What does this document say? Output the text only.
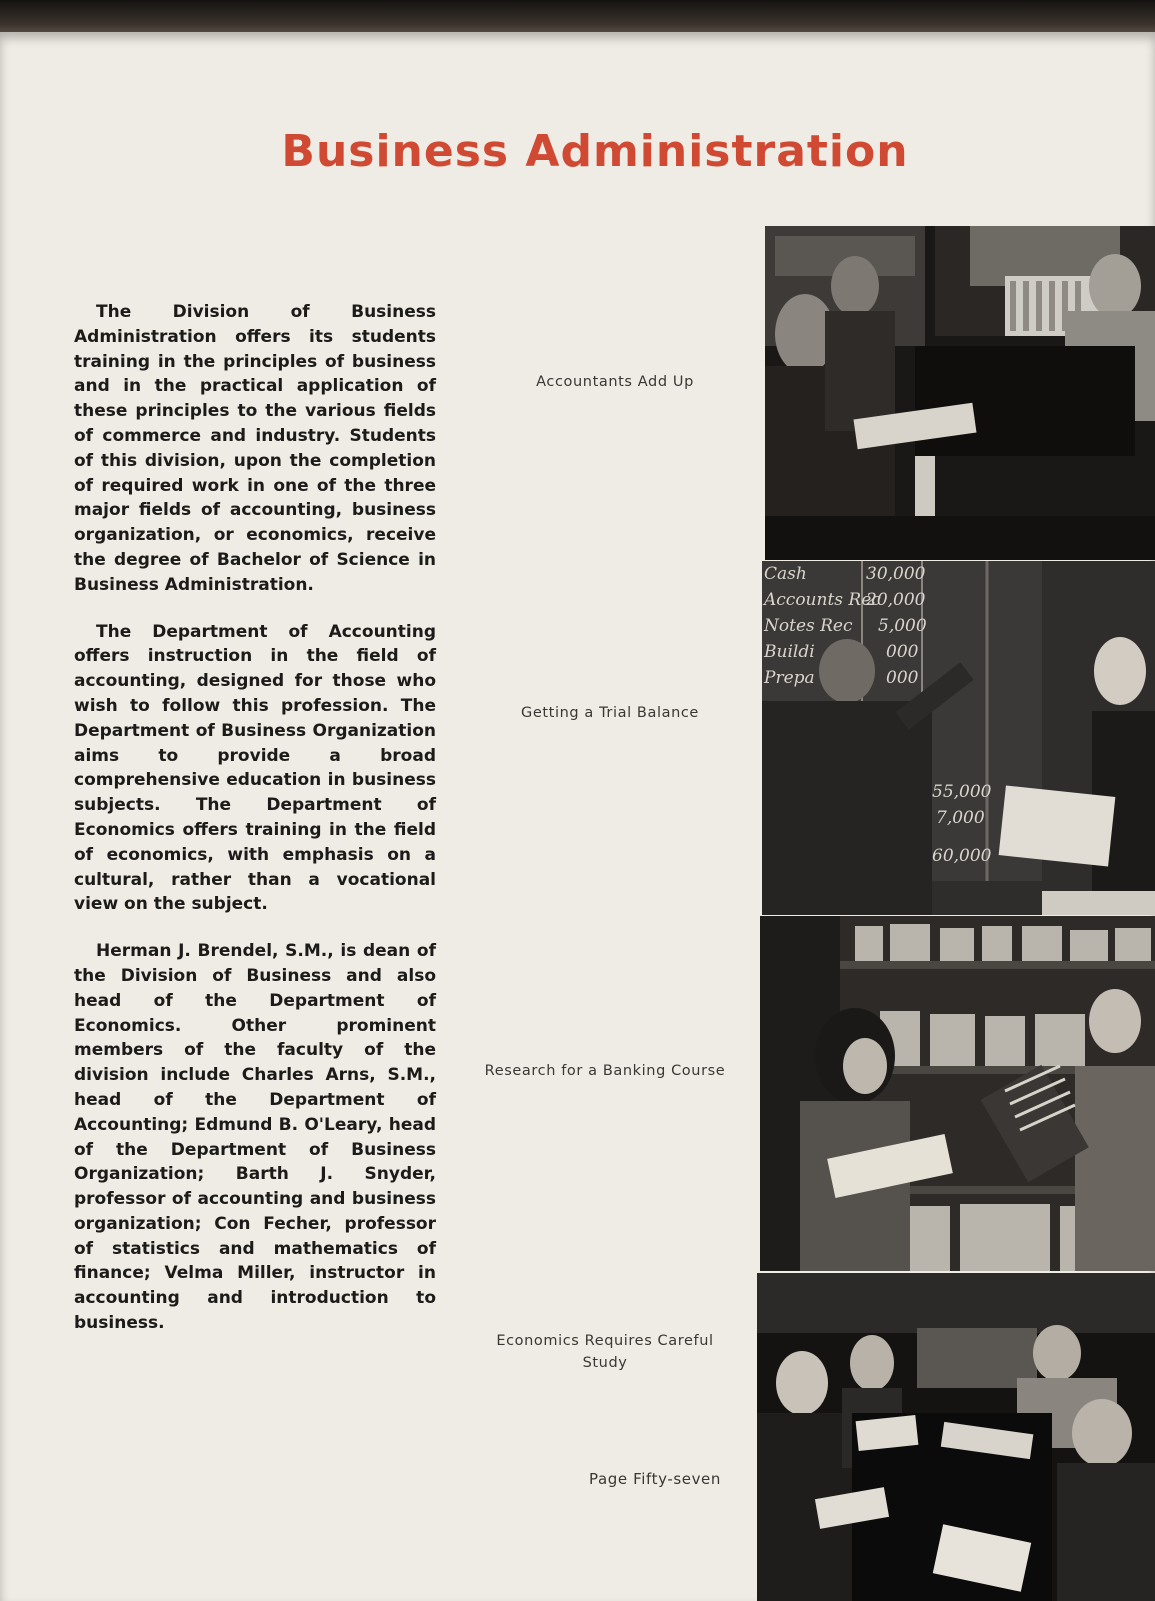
Business Administration

The Division of Business Administration offers its students training in the principles of business and in the practical application of these principles to the various fields of commerce and industry. Students of this division, upon the completion of required work in one of the three major fields of accounting, business organization, or economics, receive the degree of Bachelor of Science in Business Administration.

The Department of Accounting offers instruction in the field of accounting, designed for those who wish to follow this profession. The Department of Business Organization aims to provide a broad comprehensive education in business subjects. The Department of Economics offers training in the field of economics, with emphasis on a cultural, rather than a vocational view on the subject.

Herman J. Brendel, S.M., is dean of the Division of Business and also head of the Department of Economics. Other prominent members of the faculty of the division include Charles Arns, S.M., head of the Department of Accounting; Edmund B. O'Leary, head of the Department of Business Organization; Barth J. Snyder, professor of accounting and business organization; Con Fecher, professor of statistics and mathematics of finance; Velma Miller, instructor in accounting and introduction to business.

Accountants Add Up
Getting a Trial Balance
Research for a Banking Course
Economics Requires Careful Study
Page Fifty-seven
Cash
Accounts Rec
Notes Rec
Buildi
Prepa
30,000
20,000
5,000
000
000
55,000
7,000
60,000
